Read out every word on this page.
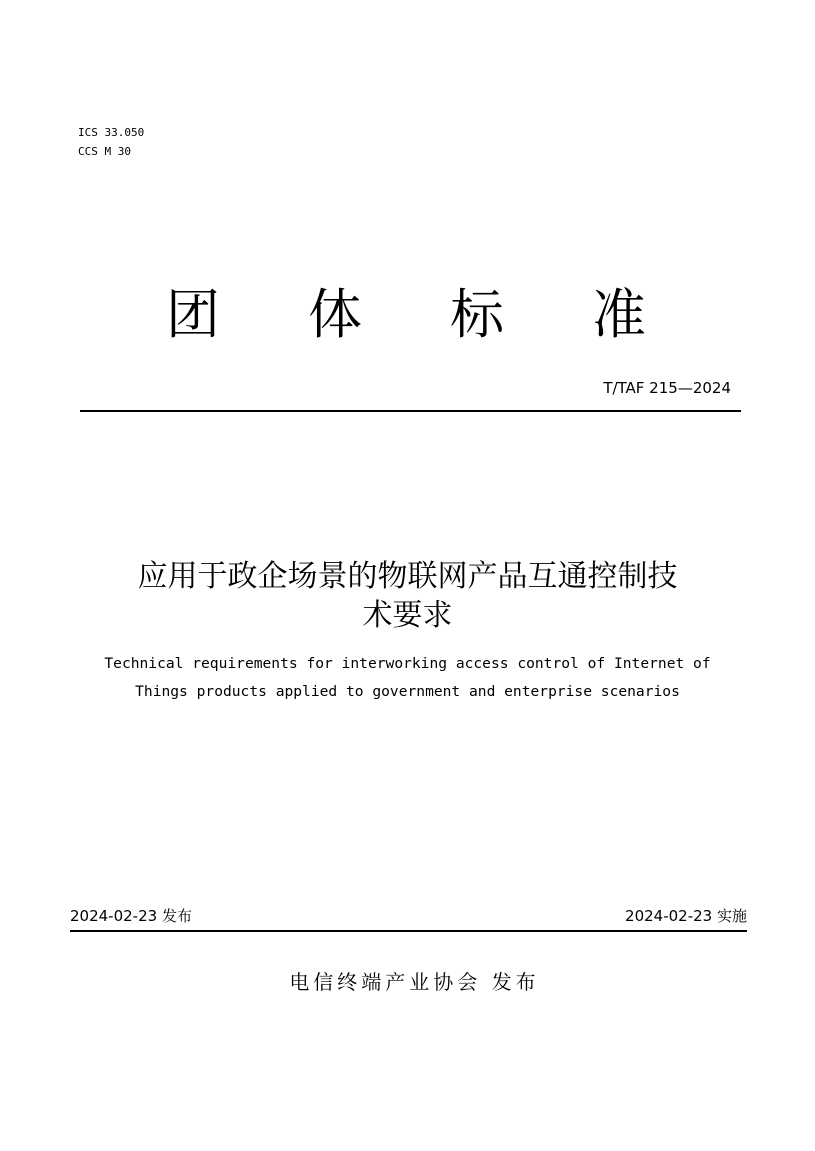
ICS 33.050
CCS M 30
团 体 标 准
T/TAF 215—2024
应用于政企场景的物联网产品互通控制技
术要求
Technical requirements for interworking access control of Internet of
Things products applied to government and enterprise scenarios
2024-02-23 发布	2024-02-23 实施
电信终端产业协会 发布
